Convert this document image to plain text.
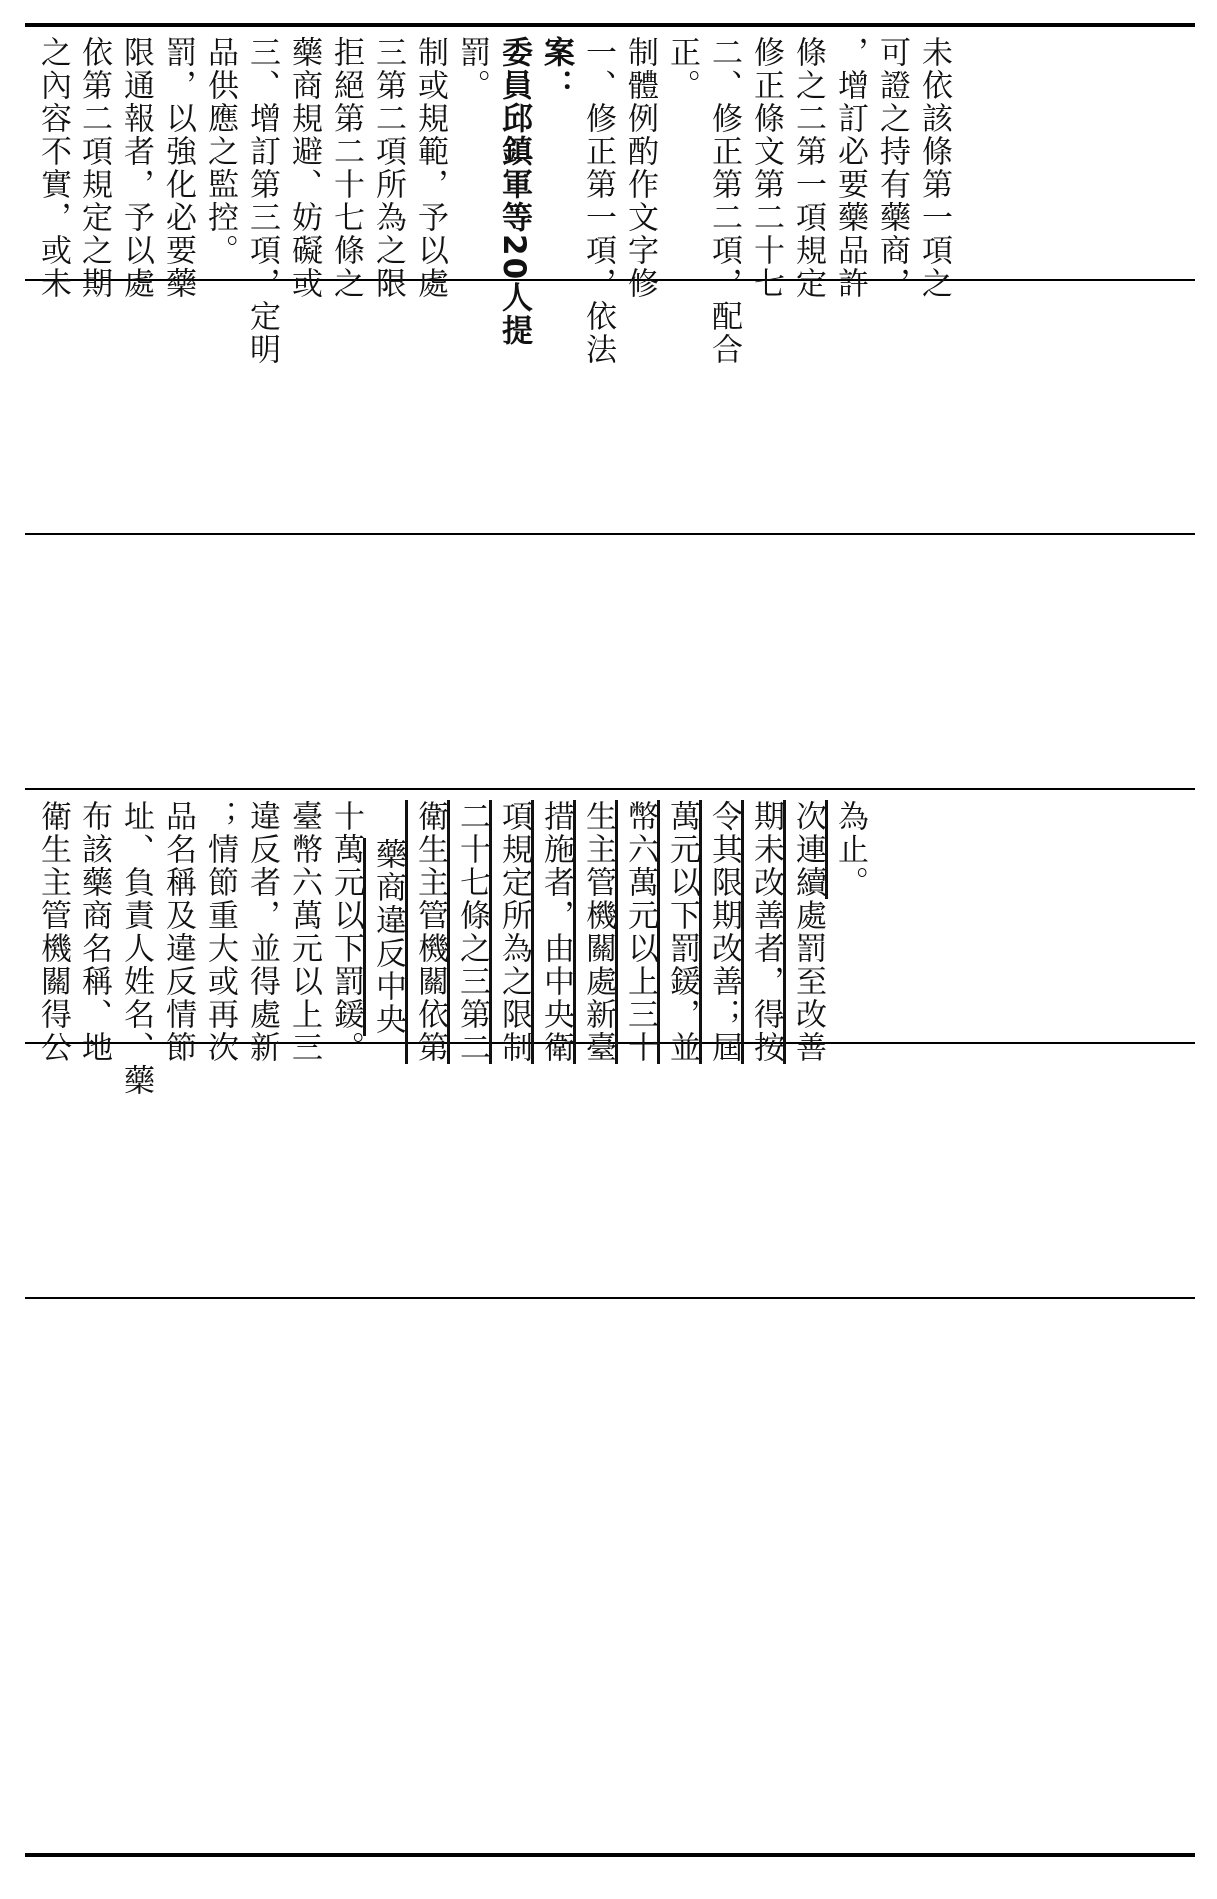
之內容不實，或未 依第二項規定之期 限通報者，予以處 罰，以強化必要藥 品供應之監控。 三、增訂第三項，定明 藥商規避、妨礙或 拒絕第二十七條之 三第二項所為之限 制或規範，予以處 罰。 委員邱鎮軍等20人提 案： 一、修正第一項，依法 制體例酌作文字修 正。 二、修正第二項，配合 修正條文第二十七 條之二第一項規定 ，增訂必要藥品許 可證之持有藥商， 未依該條第一項之
衛生主管機關得公 布該藥商名稱、地 址、負責人姓名、藥 品名稱及違反情節 ；情節重大或再次 違反者，並得處新 臺幣六萬元以上三 十萬元以下罰鍰。 藥商違反中央 衛生主管機關依第 二十七條之三第二 項規定所為之限制 措施者，由中央衛 生主管機關處新臺 幣六萬元以上三十 萬元以下罰鍰，並 令其限期改善；屆 期未改善者，得按 次連續處罰至改善 為止。
